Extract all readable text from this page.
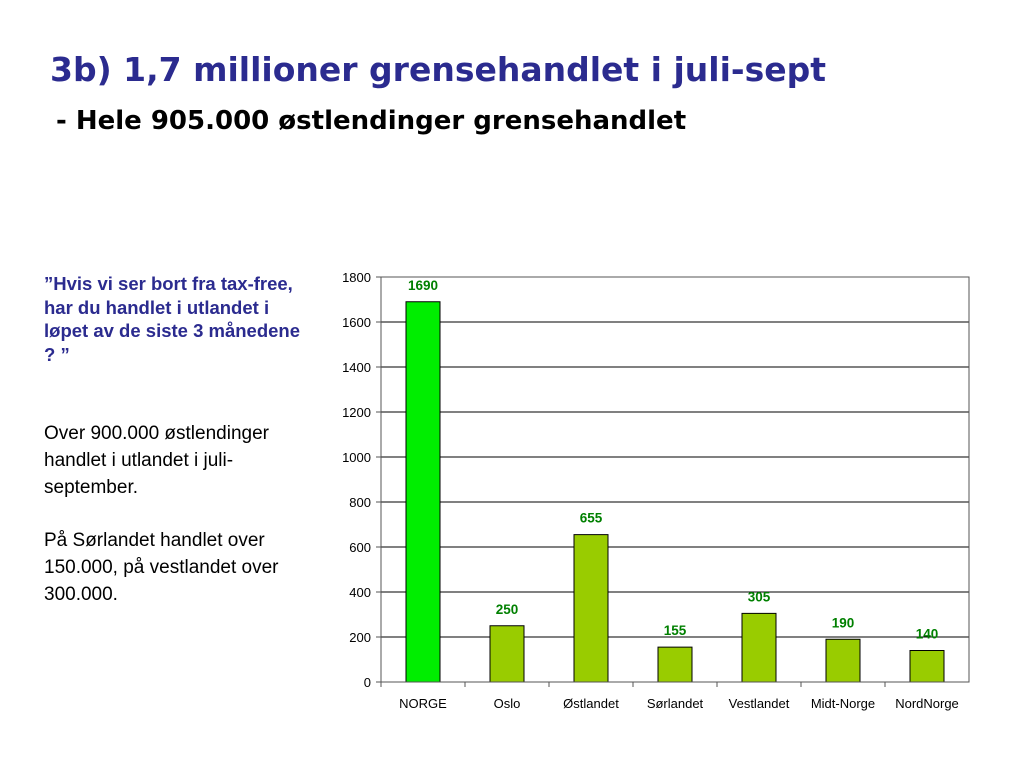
3b) 1,7 millioner grensehandlet i juli-sept
- Hele 905.000 østlendinger grensehandlet

”Hvis vi ser bort fra tax-free, har du handlet i utlandet i løpet av de siste 3 månedene ? ”

Over 900.000 østlendinger handlet i utlandet i juli-september.

På Sørlandet handlet over 150.000, på vestlandet over 300.000.

0
200
400
600
800
1000
1200
1400
1600
1800
1690
250
655
155
305
190
140
NORGE	Oslo	Østlandet Sørlandet Vestlandet Midt-Norge NordNorge
